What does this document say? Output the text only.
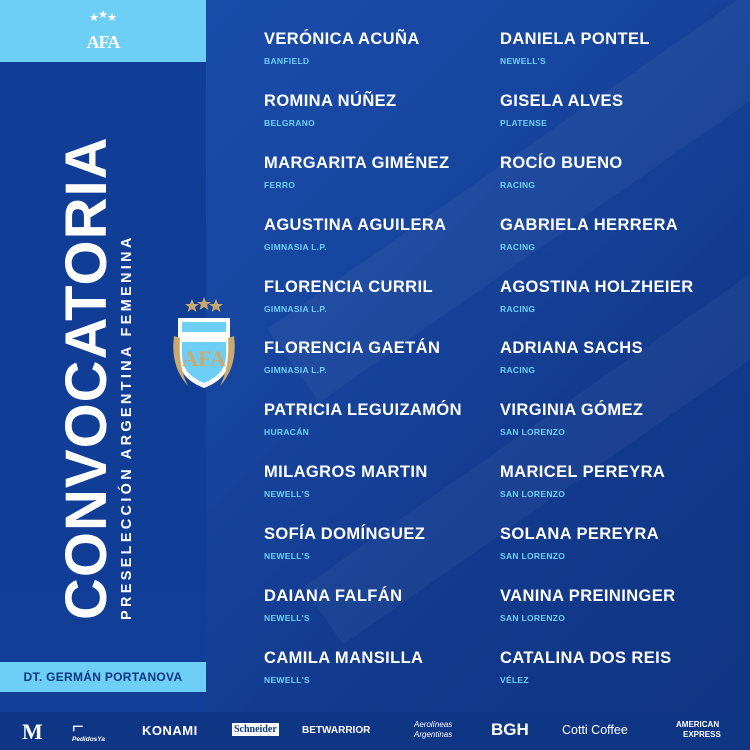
AFA
CONVOCATORIA PRESELECCIÓN ARGENTINA FEMENINA AFA
DT. GERMÁN PORTANOVA
VERÓNICA ACUÑA
BANFIELD
ROMINA NÚÑEZ
BELGRANO
MARGARITA GIMÉNEZ
FERRO
AGUSTINA AGUILERA
GIMNASIA L.P.
FLORENCIA CURRIL
GIMNASIA L.P.
FLORENCIA GAETÁN
GIMNASIA L.P.
PATRICIA LEGUIZAMÓN
HURACÁN
MILAGROS MARTIN
NEWELL'S
SOFÍA DOMÍNGUEZ
NEWELL'S
DAIANA FALFÁN
NEWELL'S
CAMILA MANSILLA
NEWELL'S
DANIELA PONTEL
NEWELL'S
GISELA ALVES
PLATENSE
ROCÍO BUENO
RACING
GABRIELA HERRERA
RACING
AGOSTINA HOLZHEIER
RACING
ADRIANA SACHS
RACING
VIRGINIA GÓMEZ
SAN LORENZO
MARICEL PEREYRA
SAN LORENZO
SOLANA PEREYRA
SAN LORENZO
VANINA PREININGER
SAN LORENZO
CATALINA DOS REIS
VÉLEZ
M ⌐
PedidosYa
KONAMI	Schneider	BETWARRIOR
Aerolíneas
Argentinas BGH	Cotti Coffee	AMERICAN
EXPRESS
